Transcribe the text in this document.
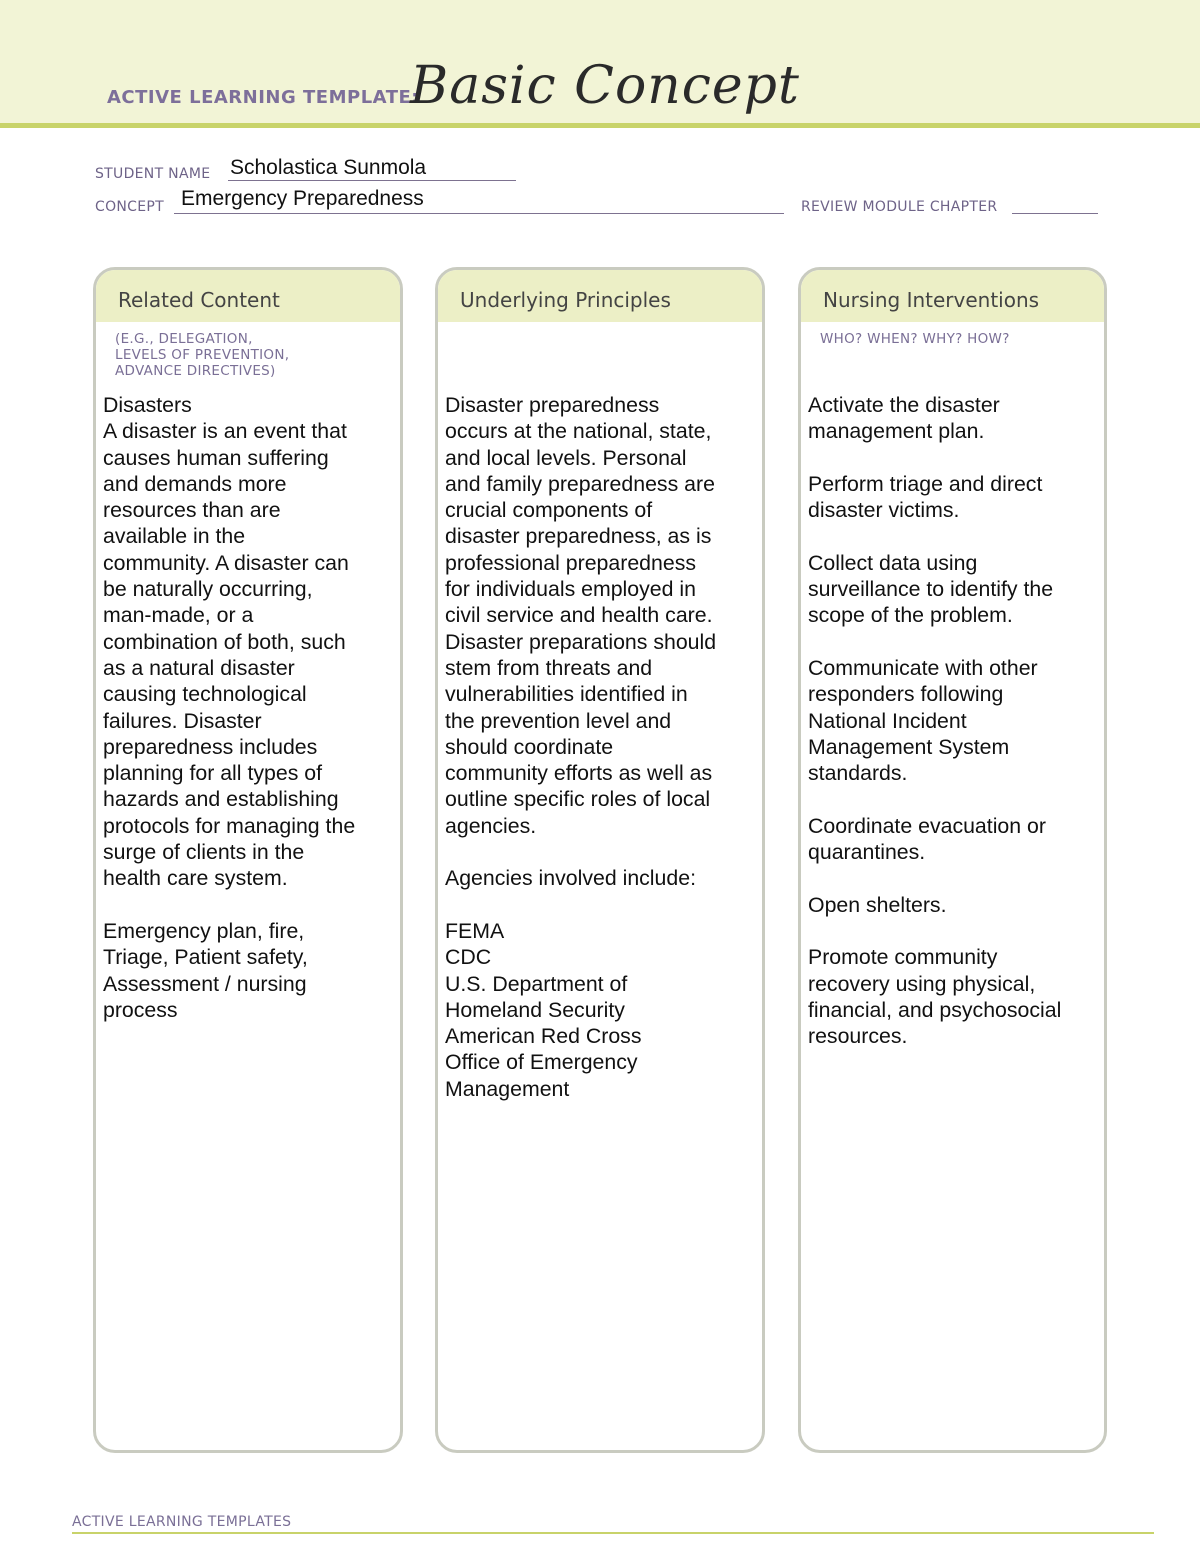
ACTIVE LEARNING TEMPLATE:
Basic Concept
STUDENT NAME Scholastica Sunmola
CONCEPT Emergency Preparedness	REVIEW MODULE CHAPTER
Related Content
(E.G., DELEGATION,
LEVELS OF PREVENTION,
ADVANCE DIRECTIVES)
Disasters
A disaster is an event that
causes human suffering
and demands more
resources than are
available in the
community. A disaster can
be naturally occurring,
man-made, or a
combination of both, such
as a natural disaster
causing technological
failures. Disaster
preparedness includes
planning for all types of
hazards and establishing
protocols for managing the
surge of clients in the
health care system.

Emergency plan, fire,
Triage, Patient safety,
Assessment / nursing
process
Underlying Principles
Disaster preparedness
occurs at the national, state,
and local levels. Personal
and family preparedness are
crucial components of
disaster preparedness, as is
professional preparedness
for individuals employed in
civil service and health care.
Disaster preparations should
stem from threats and
vulnerabilities identified in
the prevention level and
should coordinate
community efforts as well as
outline specific roles of local
agencies.

Agencies involved include:

FEMA
CDC
U.S. Department of
Homeland Security
American Red Cross
Office of Emergency
Management
Nursing Interventions
WHO? WHEN? WHY? HOW?
Activate the disaster
management plan.

Perform triage and direct
disaster victims.

Collect data using
surveillance to identify the
scope of the problem.

Communicate with other
responders following
National Incident
Management System
standards.

Coordinate evacuation or
quarantines.

Open shelters.

Promote community
recovery using physical,
financial, and psychosocial
resources.
ACTIVE LEARNING TEMPLATES
